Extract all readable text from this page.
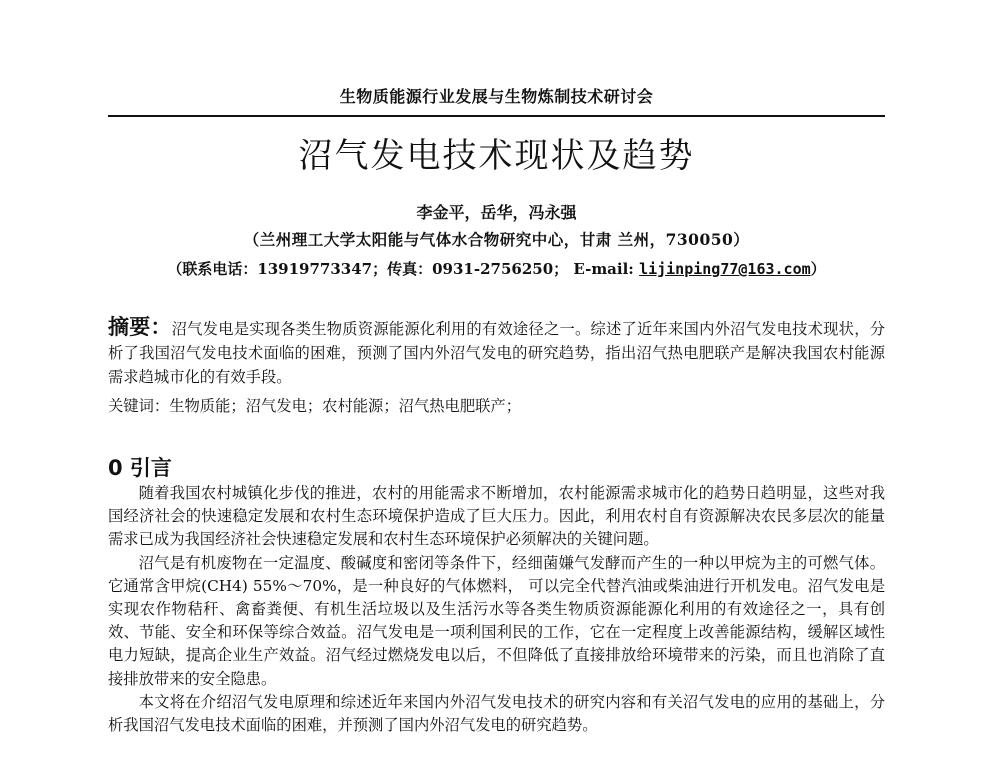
生物质能源行业发展与生物炼制技术研讨会
沼气发电技术现状及趋势
李金平，岳华，冯永强
（兰州理工大学太阳能与气体水合物研究中心，甘肃 兰州，730050）
（联系电话：13919773347；传真：0931-2756250； E-mail: lijinping77@163.com）
摘要：沼气发电是实现各类生物质资源能源化利用的有效途径之一。综述了近年来国内外沼气发电技术现状，分析了我国沼气发电技术面临的困难，预测了国内外沼气发电的研究趋势，指出沼气热电肥联产是解决我国农村能源需求趋城市化的有效手段。
关键词：生物质能；沼气发电；农村能源；沼气热电肥联产；
0 引言

随着我国农村城镇化步伐的推进，农村的用能需求不断增加，农村能源需求城市化的趋势日趋明显，这些对我国经济社会的快速稳定发展和农村生态环境保护造成了巨大压力。因此，利用农村自有资源解决农民多层次的能量需求已成为我国经济社会快速稳定发展和农村生态环境保护必须解决的关键问题。

沼气是有机废物在一定温度、酸碱度和密闭等条件下，经细菌嫌气发酵而产生的一种以甲烷为主的可燃气体。它通常含甲烷(CH4) 55%～70%，是一种良好的气体燃料， 可以完全代替汽油或柴油进行开机发电。沼气发电是实现农作物秸秆、禽畜粪便、有机生活垃圾以及生活污水等各类生物质资源能源化利用的有效途径之一，具有创效、节能、安全和环保等综合效益。沼气发电是一项利国利民的工作，它在一定程度上改善能源结构，缓解区域性电力短缺，提高企业生产效益。沼气经过燃烧发电以后，不但降低了直接排放给环境带来的污染，而且也消除了直接排放带来的安全隐患。

本文将在介绍沼气发电原理和综述近年来国内外沼气发电技术的研究内容和有关沼气发电的应用的基础上，分析我国沼气发电技术面临的困难，并预测了国内外沼气发电的研究趋势。
